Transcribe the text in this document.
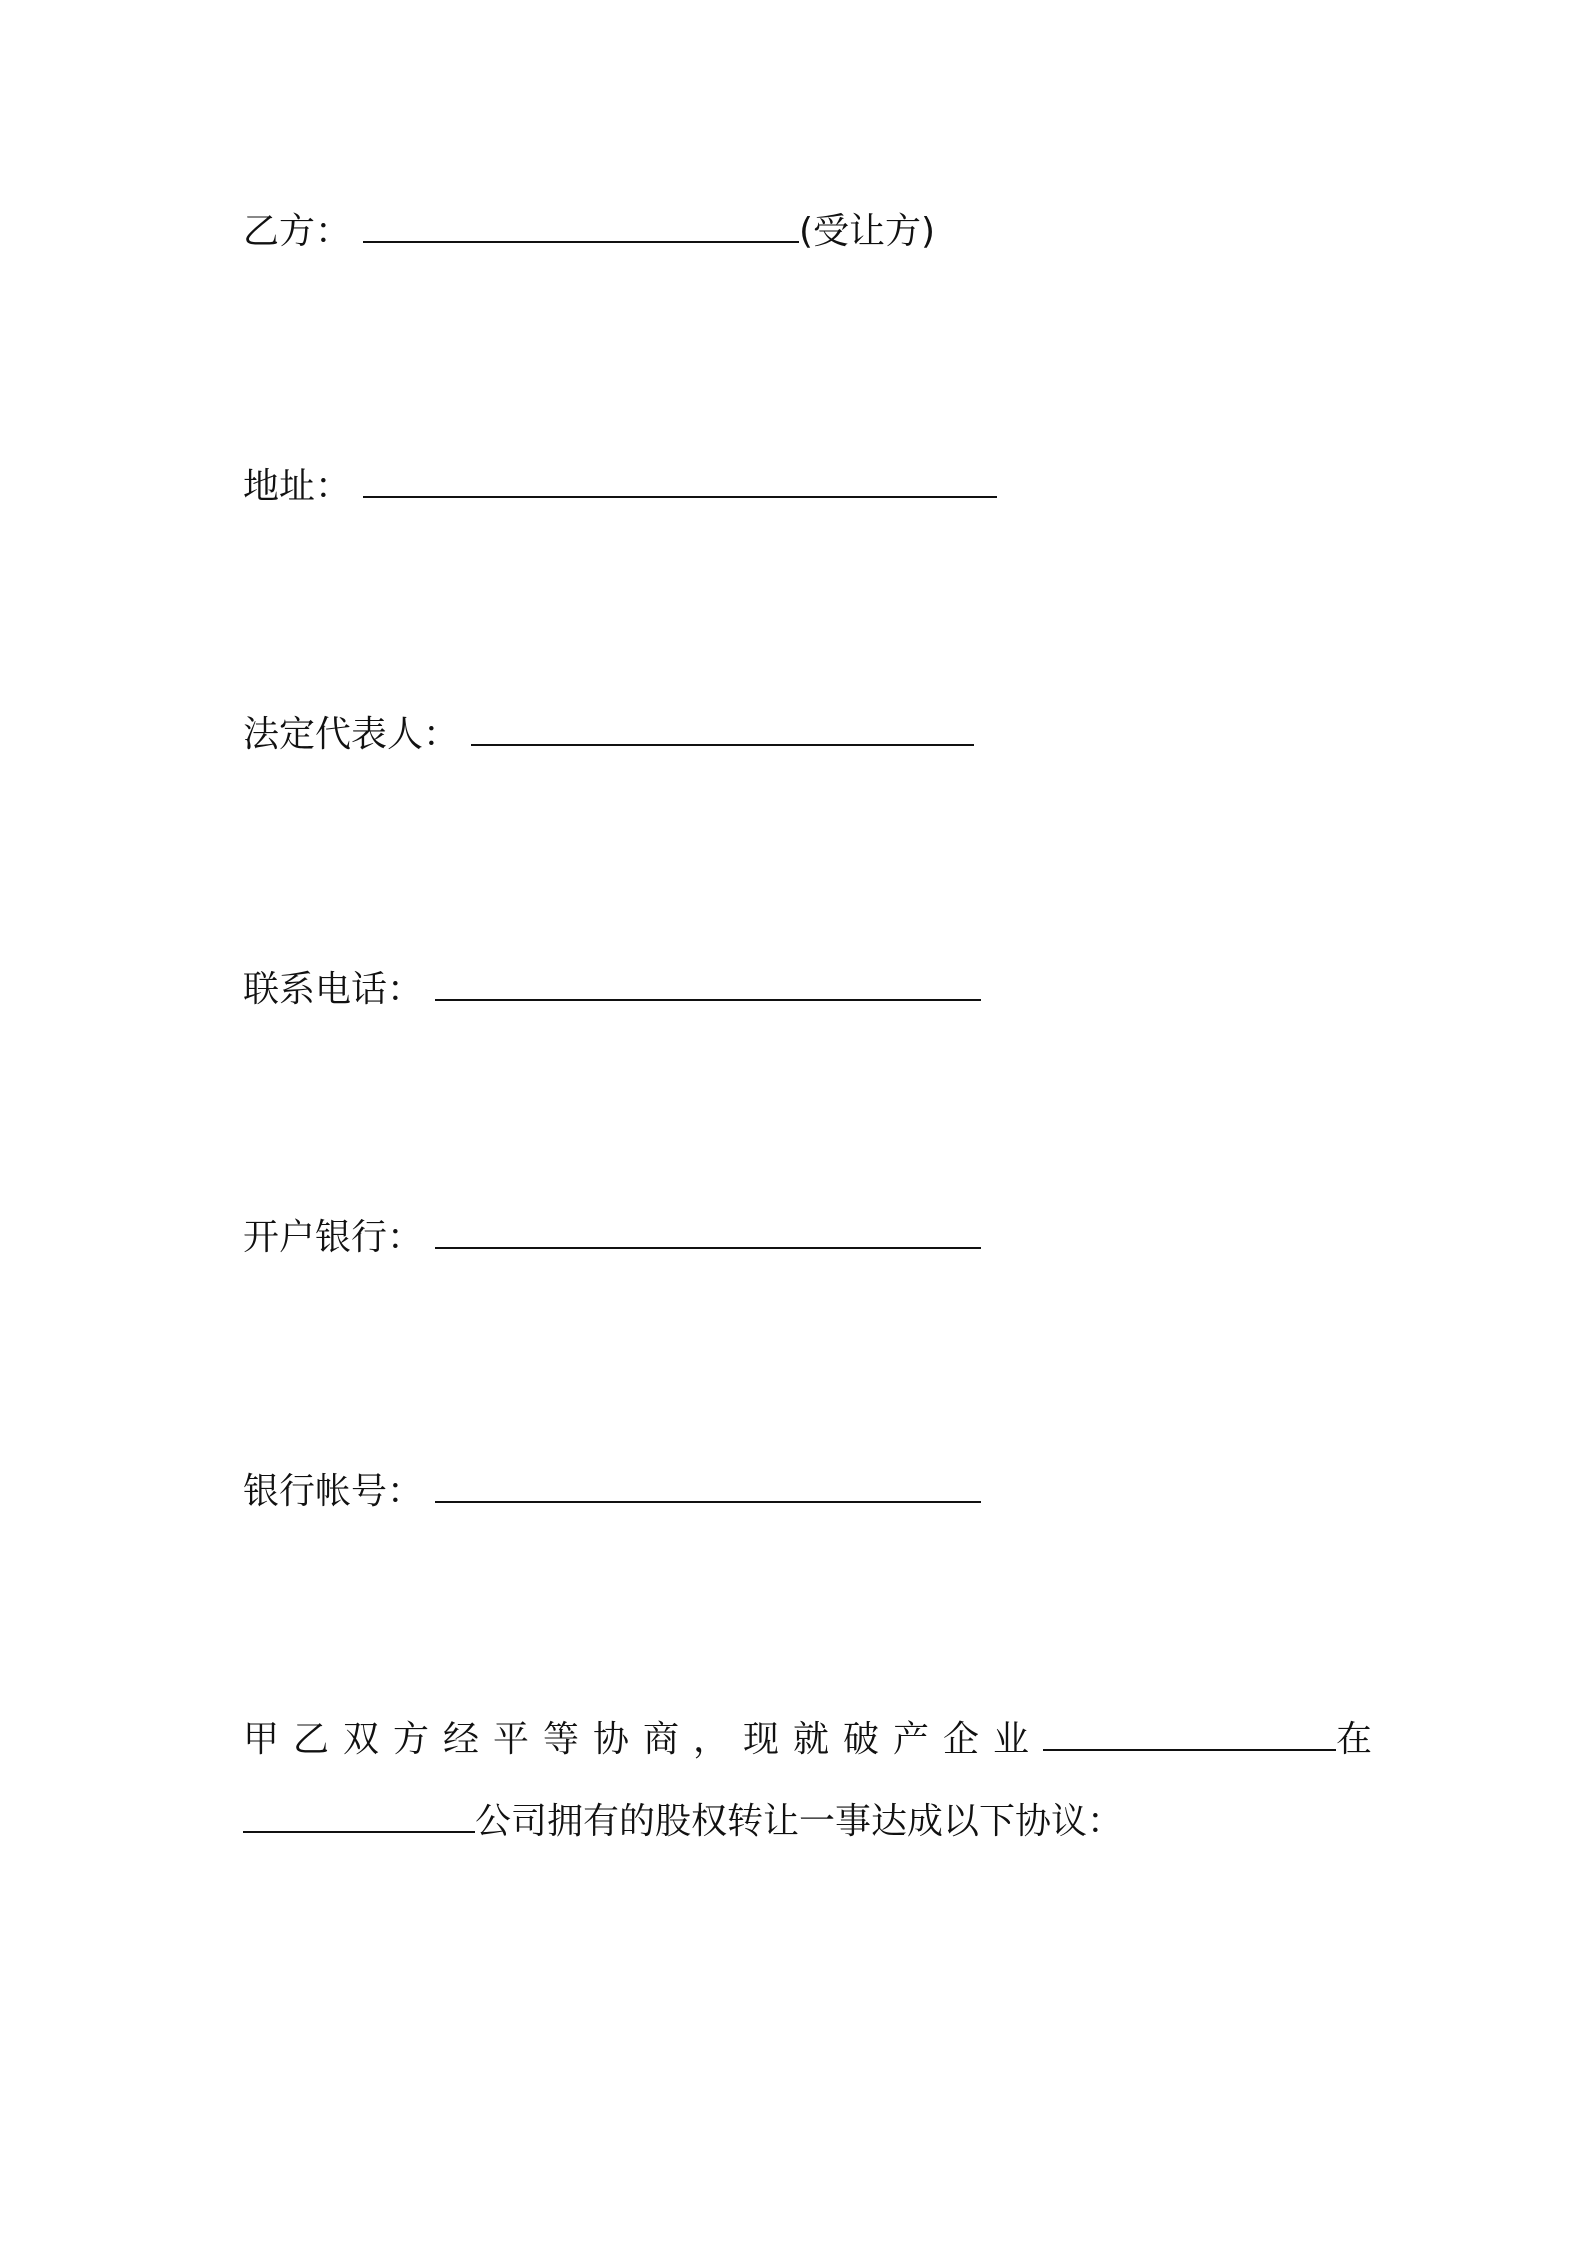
乙方：	(受让方)
地址：
法定代表人：
联系电话：
开户银行：
银行帐号：
甲乙双方经平等协商，现就破产企业	在
公司拥有的股权转让一事达成以下协议：
